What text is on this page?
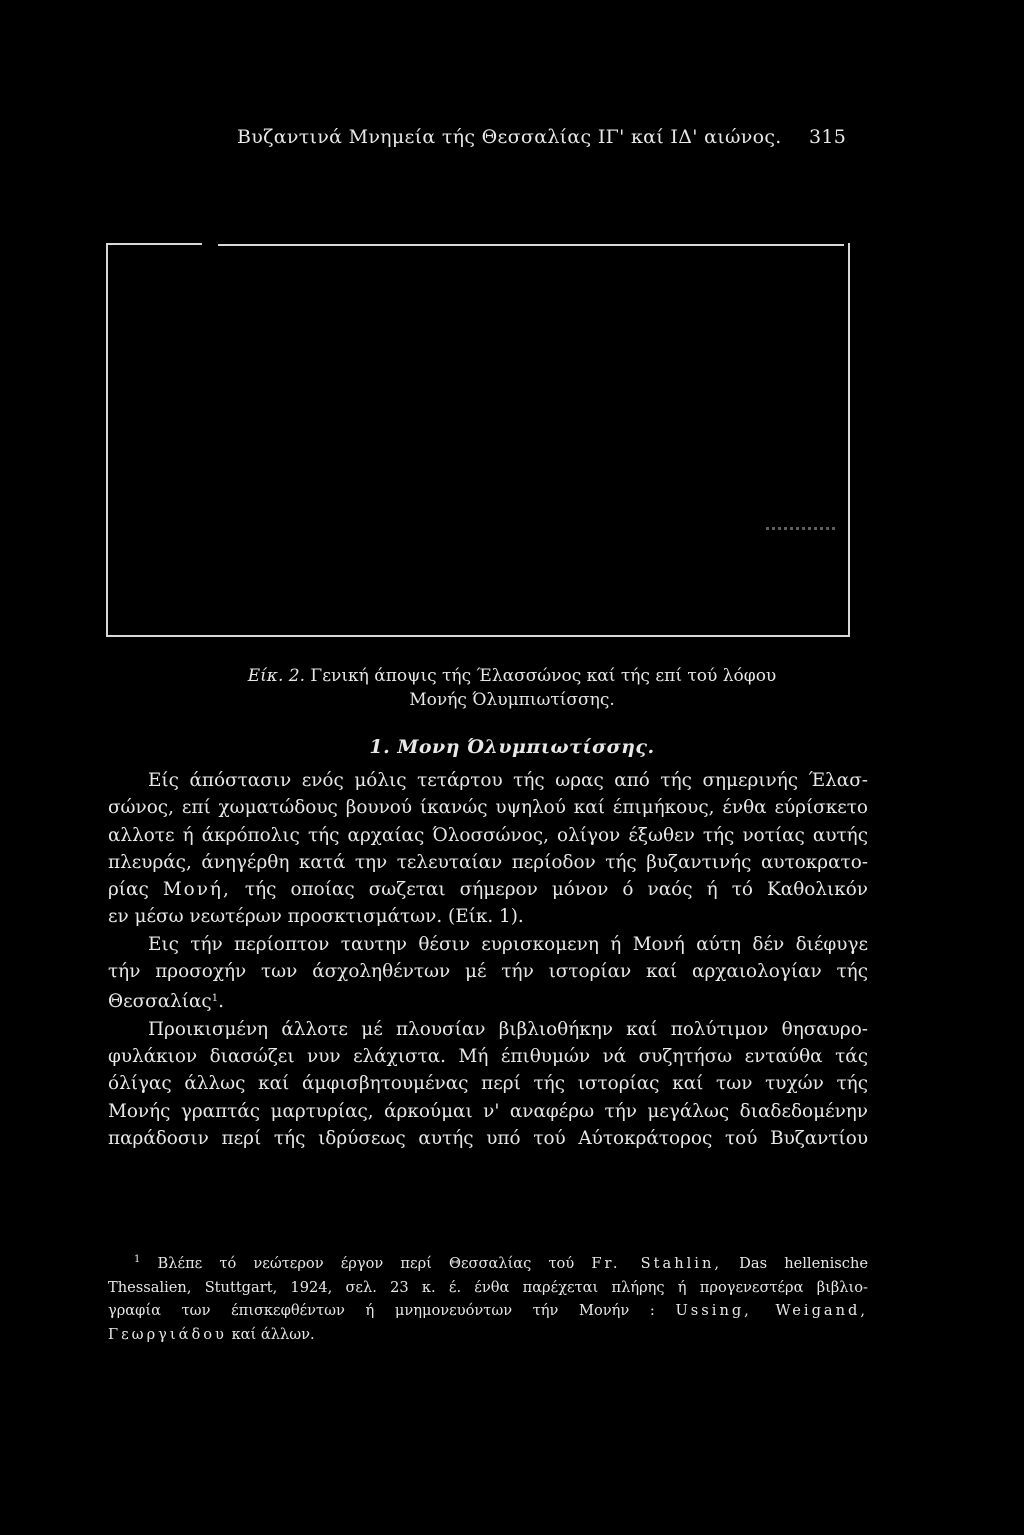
Βυζαντινά Μνημεία τής Θεσσαλίας ΙΓ' καί ΙΔ' αιώνος. 315
Είκ. 2. Γενική άποψις τής Έλασσώνος καί τής επί τού λόφου
Μονής Όλυμπιωτίσσης.
1. Μονη Όλυμπιωτίσσης.
Είς άπόστασιν ενός μόλις τετάρτου τής ωρας από τής σημερινής Έλασ-
σώνος, επί χωματώδους βουνού ίκανώς υψηλού καί έπιμήκους, ένθα εύρίσκετο
αλλοτε ή άκρόπολις τής αρχαίας Όλοσσώνος, ολίγον έξωθεν τής νοτίας αυτής
πλευράς, άνηγέρθη κατά την τελευταίαν περίοδον τής βυζαντινής αυτοκρατο-
ρίας Μονή, τής οποίας σωζεται σήμερον μόνον ό ναός ή τό Καθολικόν
εν μέσω νεωτέρων προσκτισμάτων. (Είκ. 1).
Εις τήν περίοπτον ταυτην θέσιν ευρισκομενη ή Μονή αύτη δέν διέφυγε
τήν προσοχήν των άσχοληθέντων μέ τήν ιστορίαν καί αρχαιολογίαν τής
Θεσσαλίας$^1$.
Προικισμένη άλλοτε μέ πλουσίαν βιβλιοθήκην καί πολύτιμον θησαυρο-
φυλάκιον διασώζει νυν ελάχιστα. Μή έπιθυμών νά συζητήσω ενταύθα τάς
όλίγας άλλως καί άμφισβητουμένας περί τής ιστορίας καί των τυχών τής
Μονής γραπτάς μαρτυρίας, άρκούμαι ν' αναφέρω τήν μεγάλως διαδεδομένην
παράδοσιν περί τής ιδρύσεως αυτής υπό τού Αύτοκράτορος τού Βυζαντίου
$^1$ Βλέπε τό νεώτερον έργον περί Θεσσαλίας τού Fr. Stahlin, Das hellenische
Thessalien, Stuttgart, 1924, σελ. 23 κ. έ. ένθα παρέχεται πλήρης ή προγενεστέρα βιβλιο-
γραφία των έπισκεφθέντων ή μνημονευόντων τήν Μονήν : Ussing, Weigand,
Γεωργιάδου καί άλλων.
